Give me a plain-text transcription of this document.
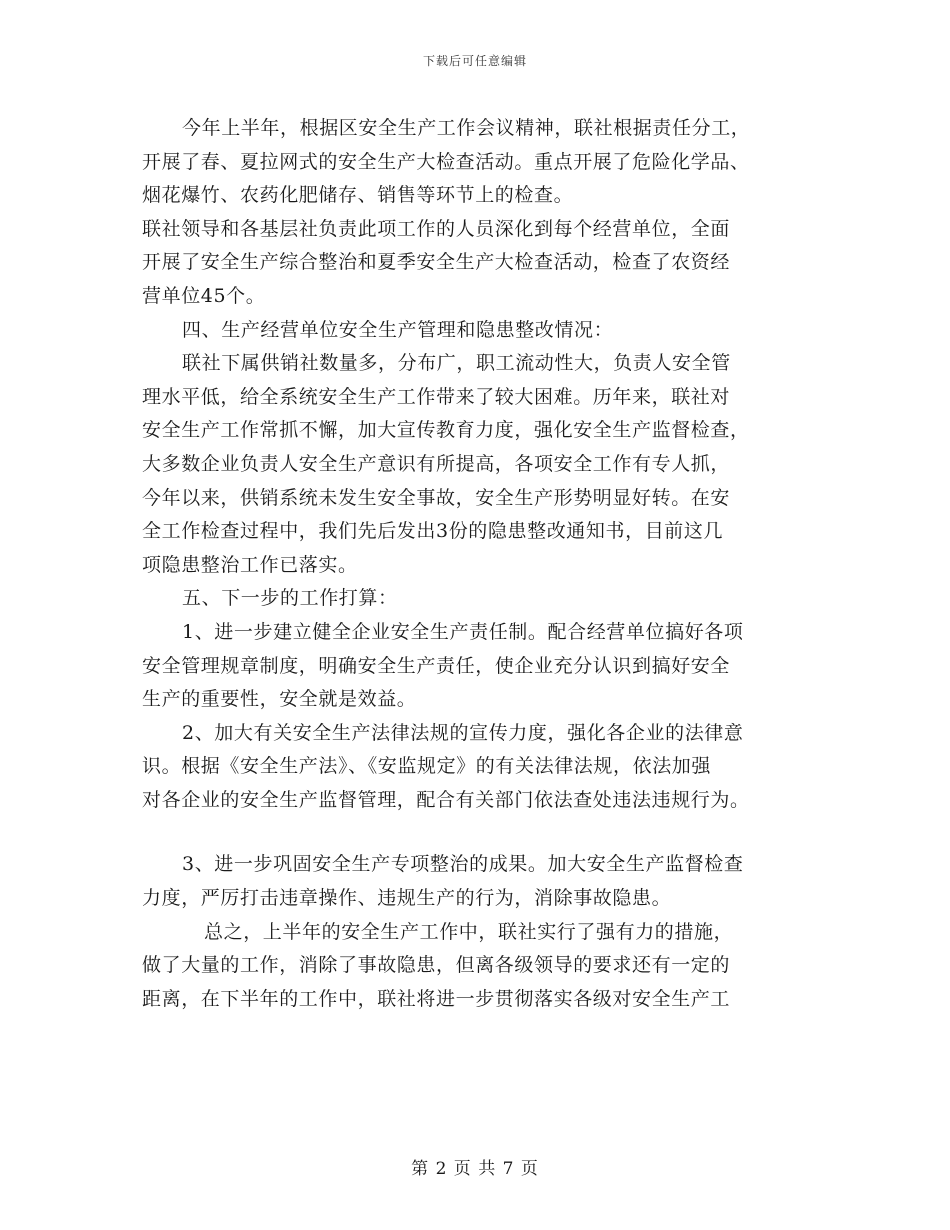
下载后可任意编辑
今年上半年，根据区安全生产工作会议精神，联社根据责任分工，
开展了春、夏拉网式的安全生产大检查活动。重点开展了危险化学品、
烟花爆竹、农药化肥储存、销售等环节上的检查。
联社领导和各基层社负责此项工作的人员深化到每个经营单位，全面
开展了安全生产综合整治和夏季安全生产大检查活动，检查了农资经
营单位45个。
四、生产经营单位安全生产管理和隐患整改情况：
联社下属供销社数量多，分布广，职工流动性大，负责人安全管
理水平低，给全系统安全生产工作带来了较大困难。历年来，联社对
安全生产工作常抓不懈，加大宣传教育力度，强化安全生产监督检查，
大多数企业负责人安全生产意识有所提高，各项安全工作有专人抓，
今年以来，供销系统未发生安全事故，安全生产形势明显好转。在安
全工作检查过程中，我们先后发出3份的隐患整改通知书，目前这几
项隐患整治工作已落实。
五、下一步的工作打算：
1、进一步建立健全企业安全生产责任制。配合经营单位搞好各项
安全管理规章制度，明确安全生产责任，使企业充分认识到搞好安全
生产的重要性，安全就是效益。
2、加大有关安全生产法律法规的宣传力度，强化各企业的法律意
识。根据《安全生产法》、《安监规定》的有关法律法规，依法加强
对各企业的安全生产监督管理，配合有关部门依法查处违法违规行为。
3、进一步巩固安全生产专项整治的成果。加大安全生产监督检查
力度，严厉打击违章操作、违规生产的行为，消除事故隐患。
总之，上半年的安全生产工作中，联社实行了强有力的措施，
做了大量的工作，消除了事故隐患，但离各级领导的要求还有一定的
距离，在下半年的工作中，联社将进一步贯彻落实各级对安全生产工
第 2 页 共 7 页
